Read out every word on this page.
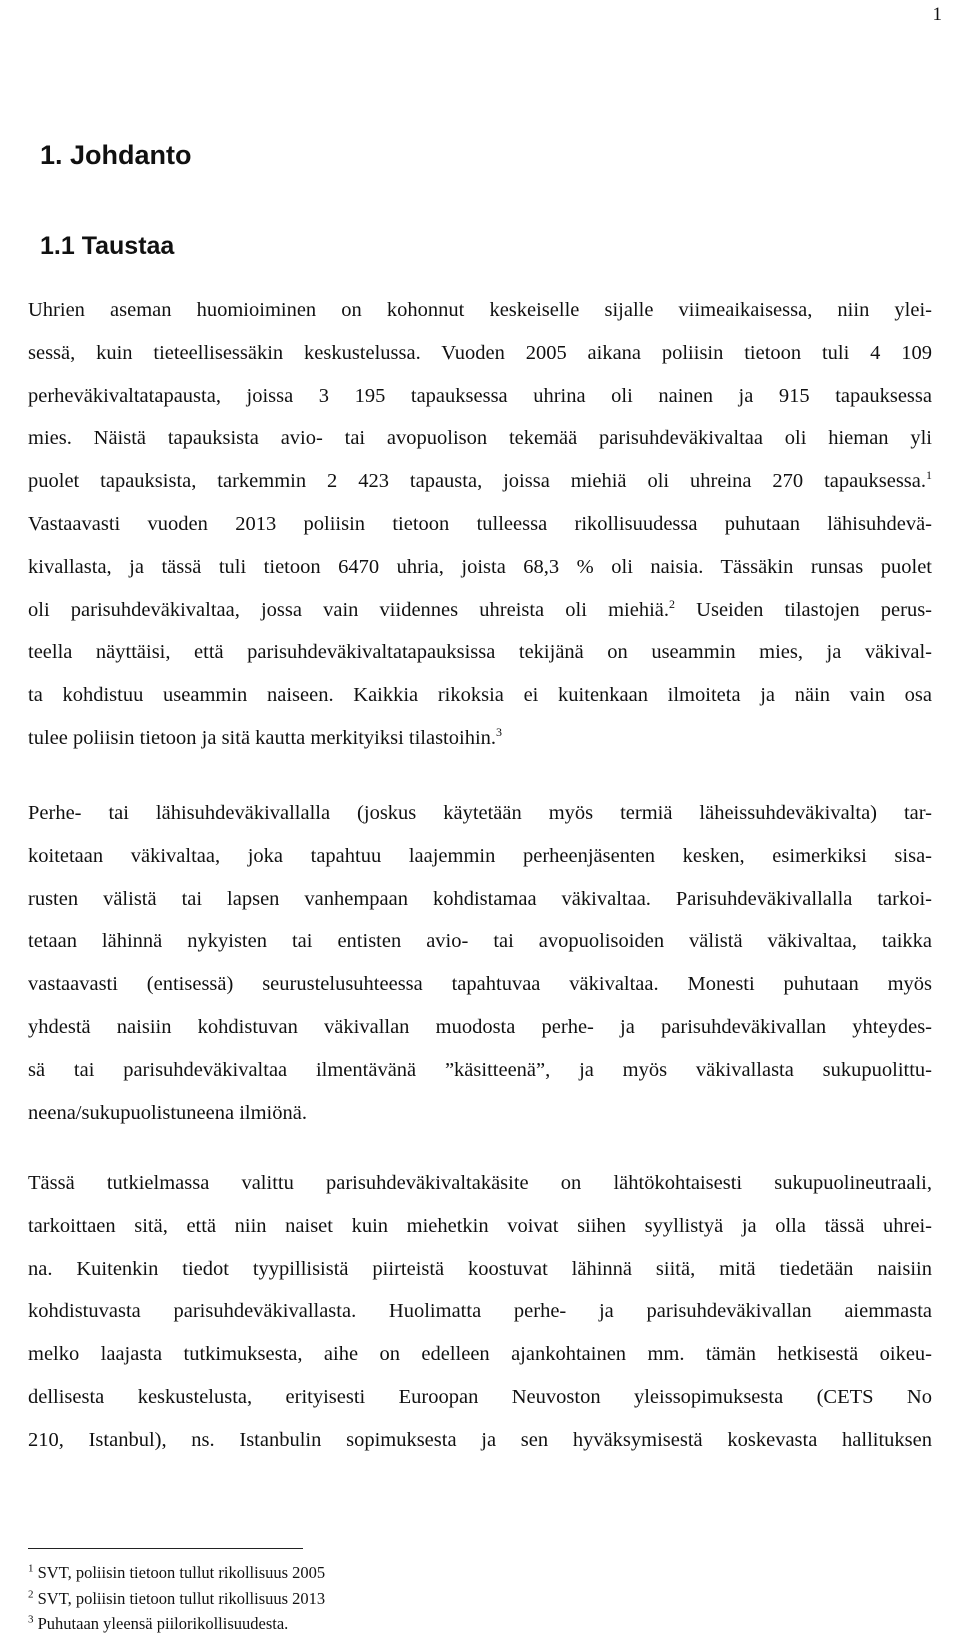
1
1. Johdanto
1.1 Taustaa
Uhrien aseman huomioiminen on kohonnut keskeiselle sijalle viimeaikaisessa, niin ylei-
sessä, kuin tieteellisessäkin keskustelussa. Vuoden 2005 aikana poliisin tietoon tuli 4 109
perheväkivaltatapausta, joissa 3 195 tapauksessa uhrina oli nainen ja 915 tapauksessa
mies. Näistä tapauksista avio- tai avopuolison tekemää parisuhdeväkivaltaa oli hieman yli
puolet tapauksista, tarkemmin 2 423 tapausta, joissa miehiä oli uhreina 270 tapauksessa.$^1$
Vastaavasti vuoden 2013 poliisin tietoon tulleessa rikollisuudessa puhutaan lähisuhdevä-
kivallasta, ja tässä tuli tietoon 6470 uhria, joista 68,3 % oli naisia. Tässäkin runsas puolet
oli parisuhdeväkivaltaa, jossa vain viidennes uhreista oli miehiä.$^2$ Useiden tilastojen perus-
teella näyttäisi, että parisuhdeväkivaltatapauksissa tekijänä on useammin mies, ja väkival-
ta kohdistuu useammin naiseen. Kaikkia rikoksia ei kuitenkaan ilmoiteta ja näin vain osa
tulee poliisin tietoon ja sitä kautta merkityiksi tilastoihin.$^3$
Perhe- tai lähisuhdeväkivallalla (joskus käytetään myös termiä läheissuhdeväkivalta) tar-
koitetaan väkivaltaa, joka tapahtuu laajemmin perheenjäsenten kesken, esimerkiksi sisa-
rusten välistä tai lapsen vanhempaan kohdistamaa väkivaltaa. Parisuhdeväkivallalla tarkoi-
tetaan lähinnä nykyisten tai entisten avio- tai avopuolisoiden välistä väkivaltaa, taikka
vastaavasti (entisessä) seurustelusuhteessa tapahtuvaa väkivaltaa. Monesti puhutaan myös
yhdestä naisiin kohdistuvan väkivallan muodosta perhe- ja parisuhdeväkivallan yhteydes-
sä tai parisuhdeväkivaltaa ilmentävänä ”käsitteenä”, ja myös väkivallasta sukupuolittu-
neena/sukupuolistuneena ilmiönä.
Tässä tutkielmassa valittu parisuhdeväkivaltakäsite on lähtökohtaisesti sukupuolineutraali,
tarkoittaen sitä, että niin naiset kuin miehetkin voivat siihen syyllistyä ja olla tässä uhrei-
na. Kuitenkin tiedot tyypillisistä piirteistä koostuvat lähinnä siitä, mitä tiedetään naisiin
kohdistuvasta parisuhdeväkivallasta. Huolimatta perhe- ja parisuhdeväkivallan aiemmasta
melko laajasta tutkimuksesta, aihe on edelleen ajankohtainen mm. tämän hetkisestä oikeu-
dellisesta keskustelusta, erityisesti Euroopan Neuvoston yleissopimuksesta (CETS No
210, Istanbul), ns. Istanbulin sopimuksesta ja sen hyväksymisestä koskevasta hallituksen
$^1$ SVT, poliisin tietoon tullut rikollisuus 2005
$^2$ SVT, poliisin tietoon tullut rikollisuus 2013
$^3$ Puhutaan yleensä piilorikollisuudesta.
